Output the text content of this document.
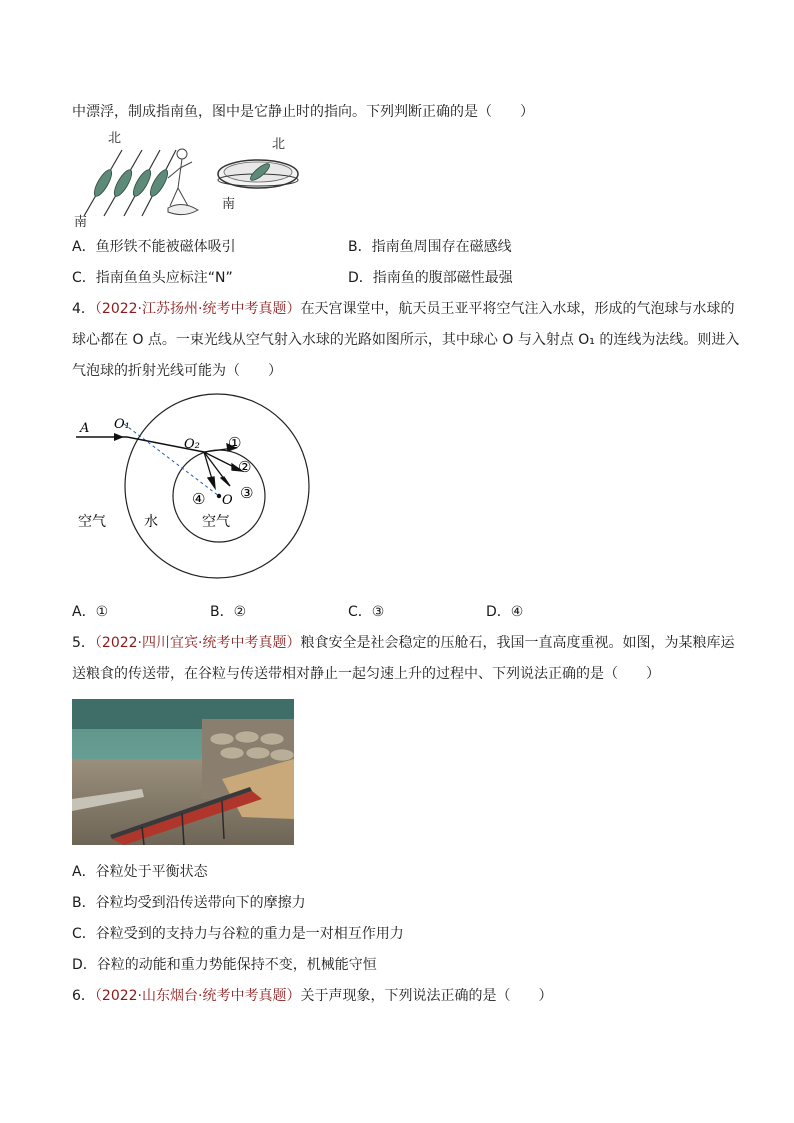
中漂浮，制成指南鱼，图中是它静止时的指向。下列判断正确的是（　　）
北
南
北
南
A．鱼形铁不能被磁体吸引	B．指南鱼周围存在磁感线
C．指南鱼鱼头应标注“N”	D．指南鱼的腹部磁性最强
4．（2022·江苏扬州·统考中考真题）在天宫课堂中，航天员王亚平将空气注入水球，形成的气泡球与水球的
球心都在 O 点。一束光线从空气射入水球的光路如图所示，其中球心 O 与入射点 O₁ 的连线为法线。则进入
气泡球的折射光线可能为（　　）
A O₁
O₂
O
①
②
③
④
空气	水	空气
A．①	B．②	C．③	D．④
5．（2022·四川宜宾·统考中考真题）粮食安全是社会稳定的压舱石，我国一直高度重视。如图，为某粮库运
送粮食的传送带，在谷粒与传送带相对静止一起匀速上升的过程中、下列说法正确的是（　　）
A．谷粒处于平衡状态
B．谷粒均受到沿传送带向下的摩擦力
C．谷粒受到的支持力与谷粒的重力是一对相互作用力
D．谷粒的动能和重力势能保持不变，机械能守恒
6．（2022·山东烟台·统考中考真题）关于声现象，下列说法正确的是（　　）
